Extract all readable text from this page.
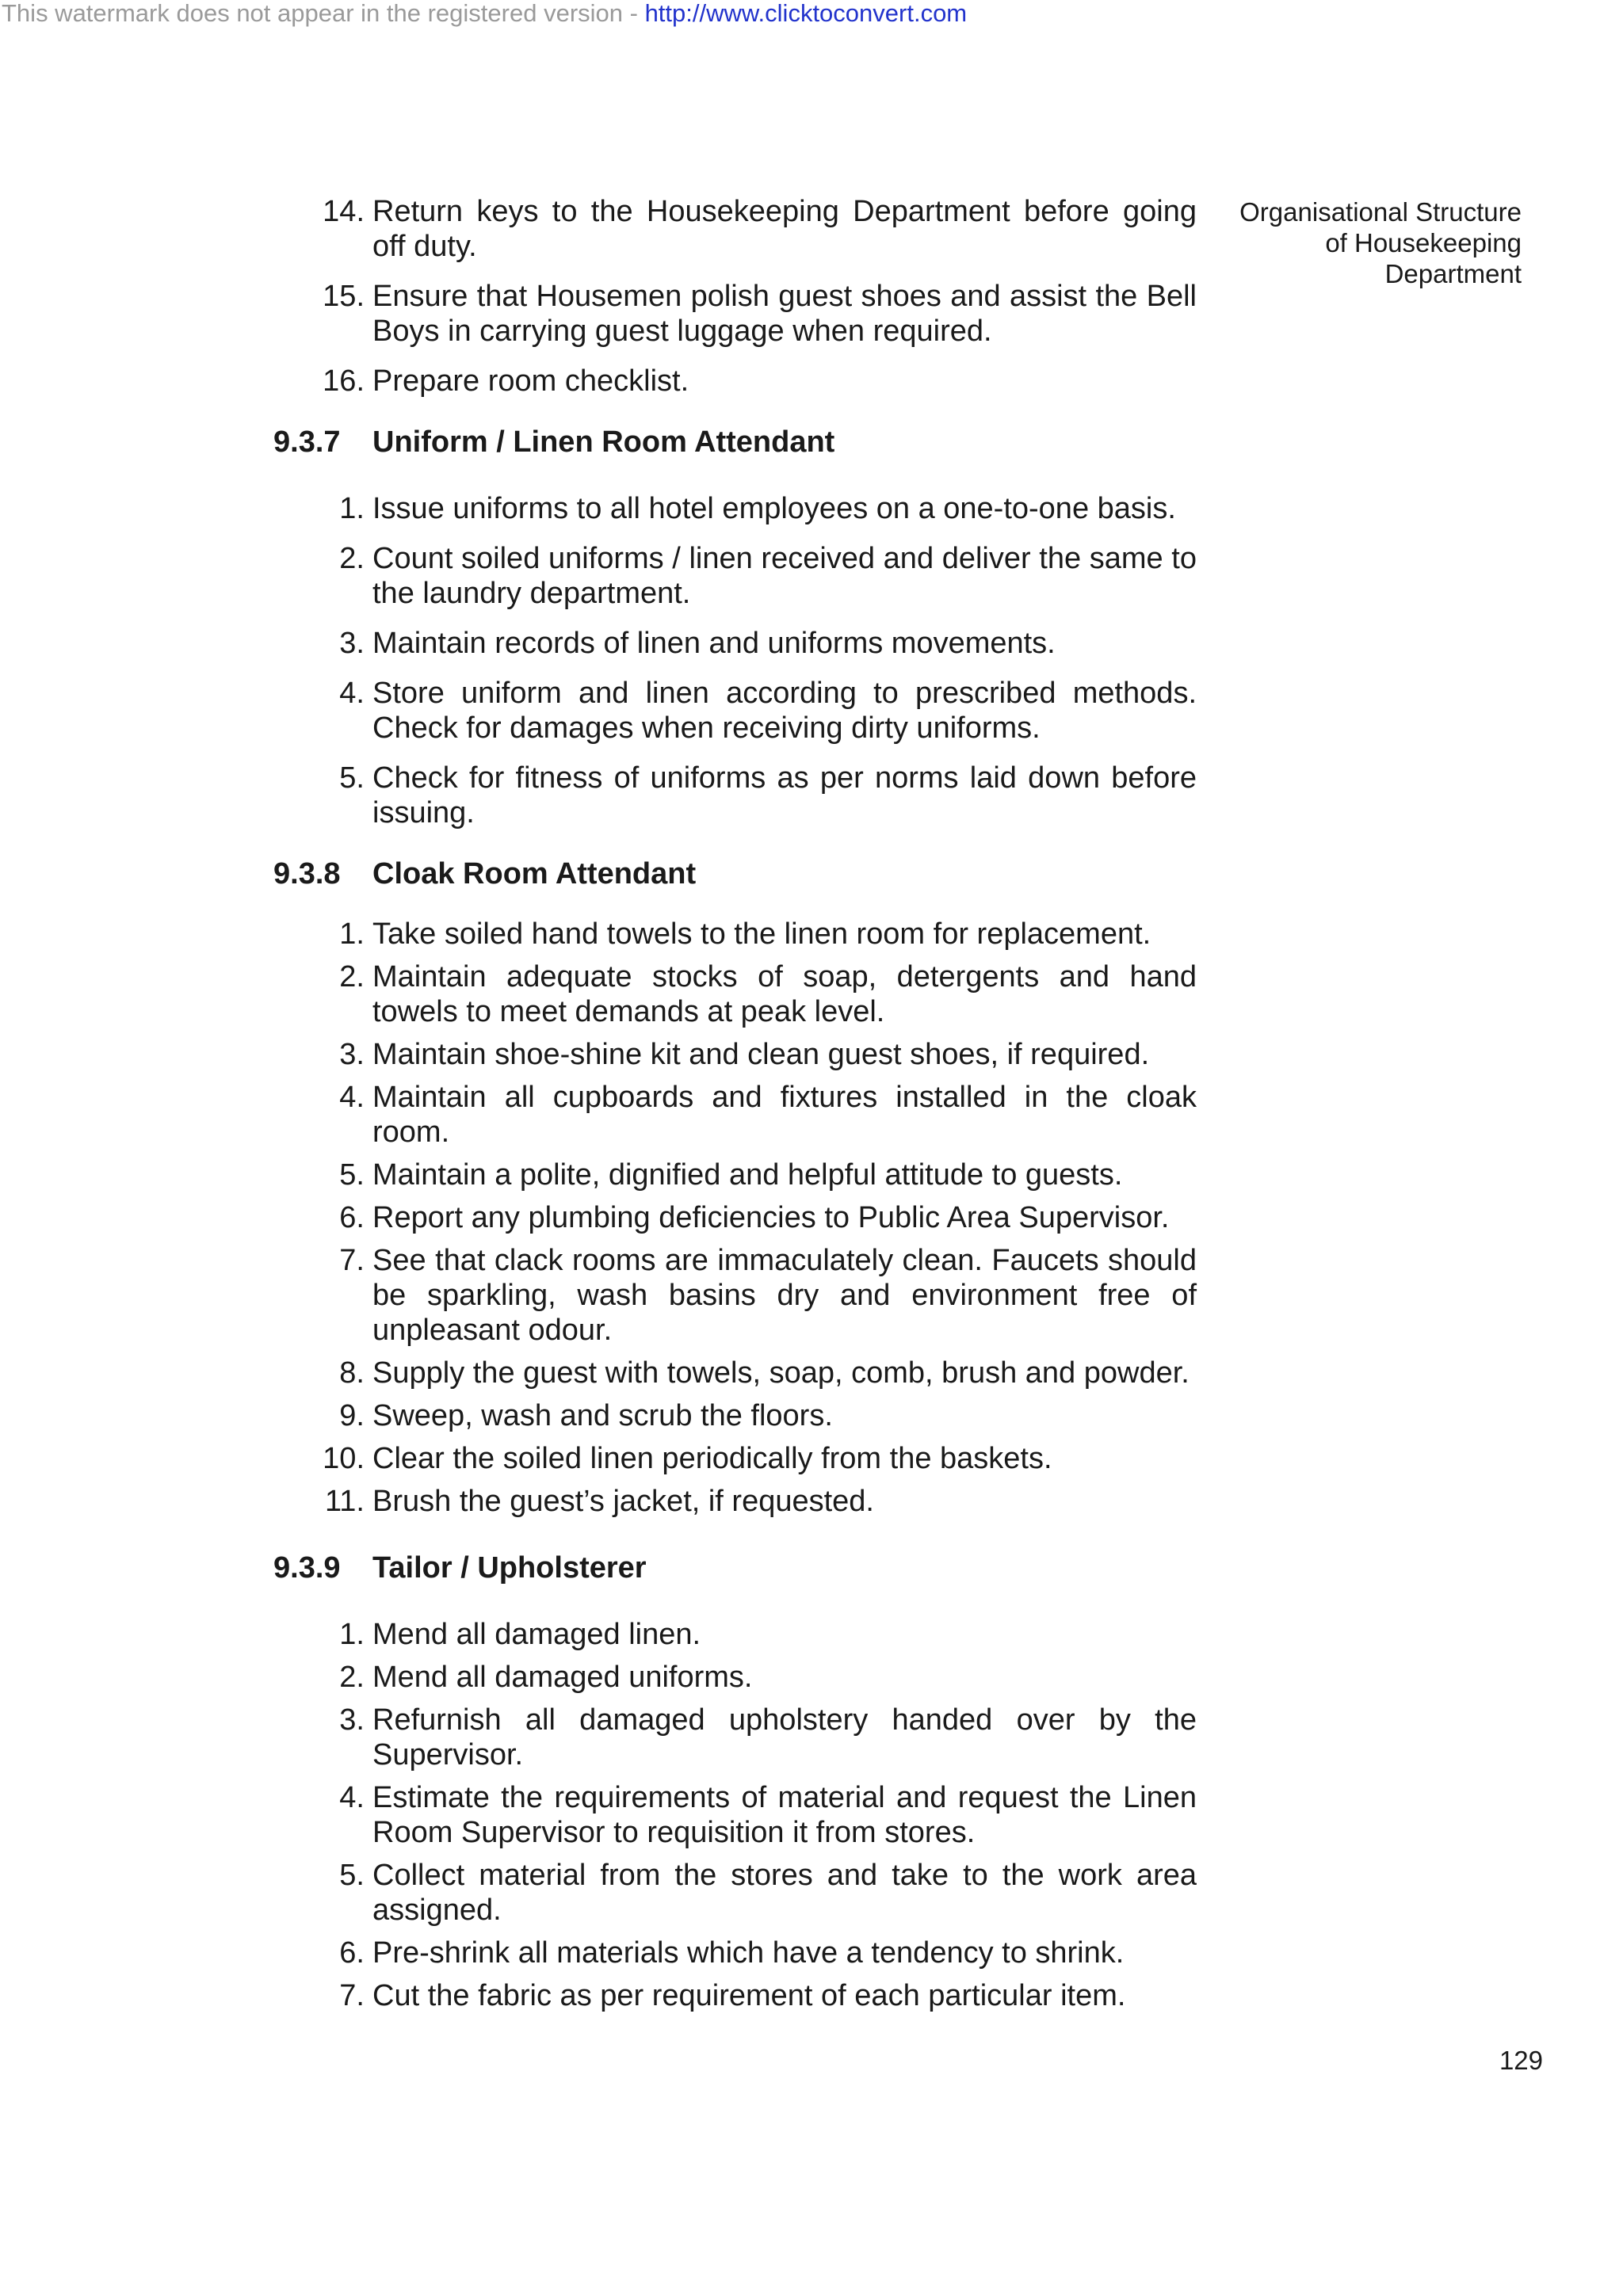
This watermark does not appear in the registered version - http://www.clicktoconvert.com
Organisational Structure
of Housekeeping
Department
14. Return keys to the Housekeeping Department before going off duty.
15. Ensure that Housemen polish guest shoes and assist the Bell Boys in carrying guest luggage when required.
16. Prepare room checklist.
9.3.7 Uniform / Linen Room Attendant
1. Issue uniforms to all hotel employees on a one-to-one basis.
2. Count soiled uniforms / linen received and deliver the same to the laundry department.
3. Maintain records of linen and uniforms movements.
4. Store uniform and linen according to prescribed methods. Check for damages when receiving dirty uniforms.
5. Check for fitness of uniforms as per norms laid down before issuing.
9.3.8 Cloak Room Attendant
1. Take soiled hand towels to the linen room for replacement.
2. Maintain adequate stocks of soap, detergents and hand towels to meet demands at peak level.
3. Maintain shoe-shine kit and clean guest shoes, if required.
4. Maintain all cupboards and fixtures installed in the cloak room.
5. Maintain a polite, dignified and helpful attitude to guests.
6. Report any plumbing deficiencies to Public Area Supervisor.
7. See that clack rooms are immaculately clean. Faucets should be sparkling, wash basins dry and environment free of unpleasant odour.
8. Supply the guest with towels, soap, comb, brush and powder.
9. Sweep, wash and scrub the floors.
10. Clear the soiled linen periodically from the baskets.
11. Brush the guest’s jacket, if requested.
9.3.9 Tailor / Upholsterer
1. Mend all damaged linen.
2. Mend all damaged uniforms.
3. Refurnish all damaged upholstery handed over by the Supervisor.
4. Estimate the requirements of material and request the Linen Room Supervisor to requisition it from stores.
5. Collect material from the stores and take to the work area assigned.
6. Pre-shrink all materials which have a tendency to shrink.
7. Cut the fabric as per requirement of each particular item.
129
